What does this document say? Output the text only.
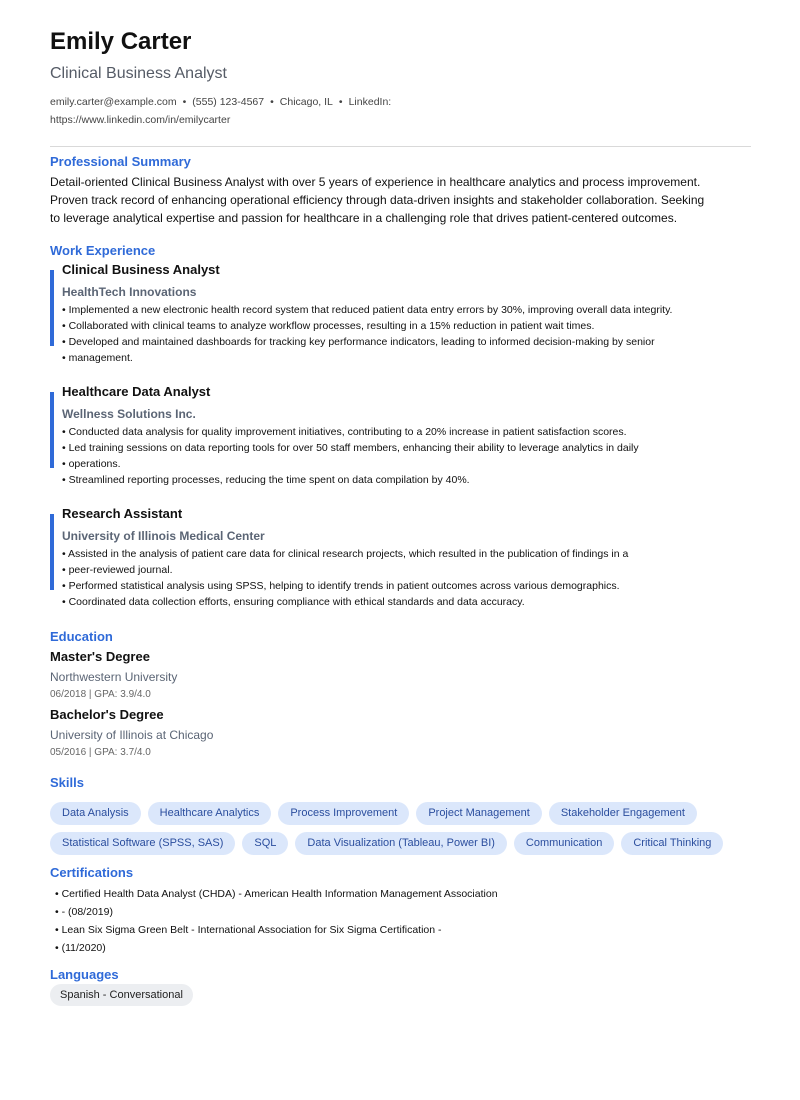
Emily Carter
Clinical Business Analyst
emily.carter@example.com • (555) 123-4567 • Chicago, IL • LinkedIn:
https://www.linkedin.com/in/emilycarter
Professional Summary
Detail-oriented Clinical Business Analyst with over 5 years of experience in healthcare analytics and process improvement.
Proven track record of enhancing operational efficiency through data-driven insights and stakeholder collaboration. Seeking
to leverage analytical expertise and passion for healthcare in a challenging role that drives patient-centered outcomes.
Work Experience
Clinical Business Analyst
HealthTech Innovations
• Implemented a new electronic health record system that reduced patient data entry errors by 30%, improving overall data integrity.
• Collaborated with clinical teams to analyze workflow processes, resulting in a 15% reduction in patient wait times.
• Developed and maintained dashboards for tracking key performance indicators, leading to informed decision-making by senior
• management.
Healthcare Data Analyst
Wellness Solutions Inc.
• Conducted data analysis for quality improvement initiatives, contributing to a 20% increase in patient satisfaction scores.
• Led training sessions on data reporting tools for over 50 staff members, enhancing their ability to leverage analytics in daily
• operations.
• Streamlined reporting processes, reducing the time spent on data compilation by 40%.
Research Assistant
University of Illinois Medical Center
• Assisted in the analysis of patient care data for clinical research projects, which resulted in the publication of findings in a
• peer-reviewed journal.
• Performed statistical analysis using SPSS, helping to identify trends in patient outcomes across various demographics.
• Coordinated data collection efforts, ensuring compliance with ethical standards and data accuracy.
Education
Master's Degree
Northwestern University
06/2018 | GPA: 3.9/4.0
Bachelor's Degree
University of Illinois at Chicago
05/2016 | GPA: 3.7/4.0
Skills
Data Analysis	Healthcare Analytics	Process Improvement	Project Management	Stakeholder Engagement
Statistical Software (SPSS, SAS)	SQL	Data Visualization (Tableau, Power BI)	Communication	Critical Thinking
Certifications
• Certified Health Data Analyst (CHDA) - American Health Information Management Association
• - (08/2019)
• Lean Six Sigma Green Belt - International Association for Six Sigma Certification -
• (11/2020)
Languages
Spanish - Conversational
